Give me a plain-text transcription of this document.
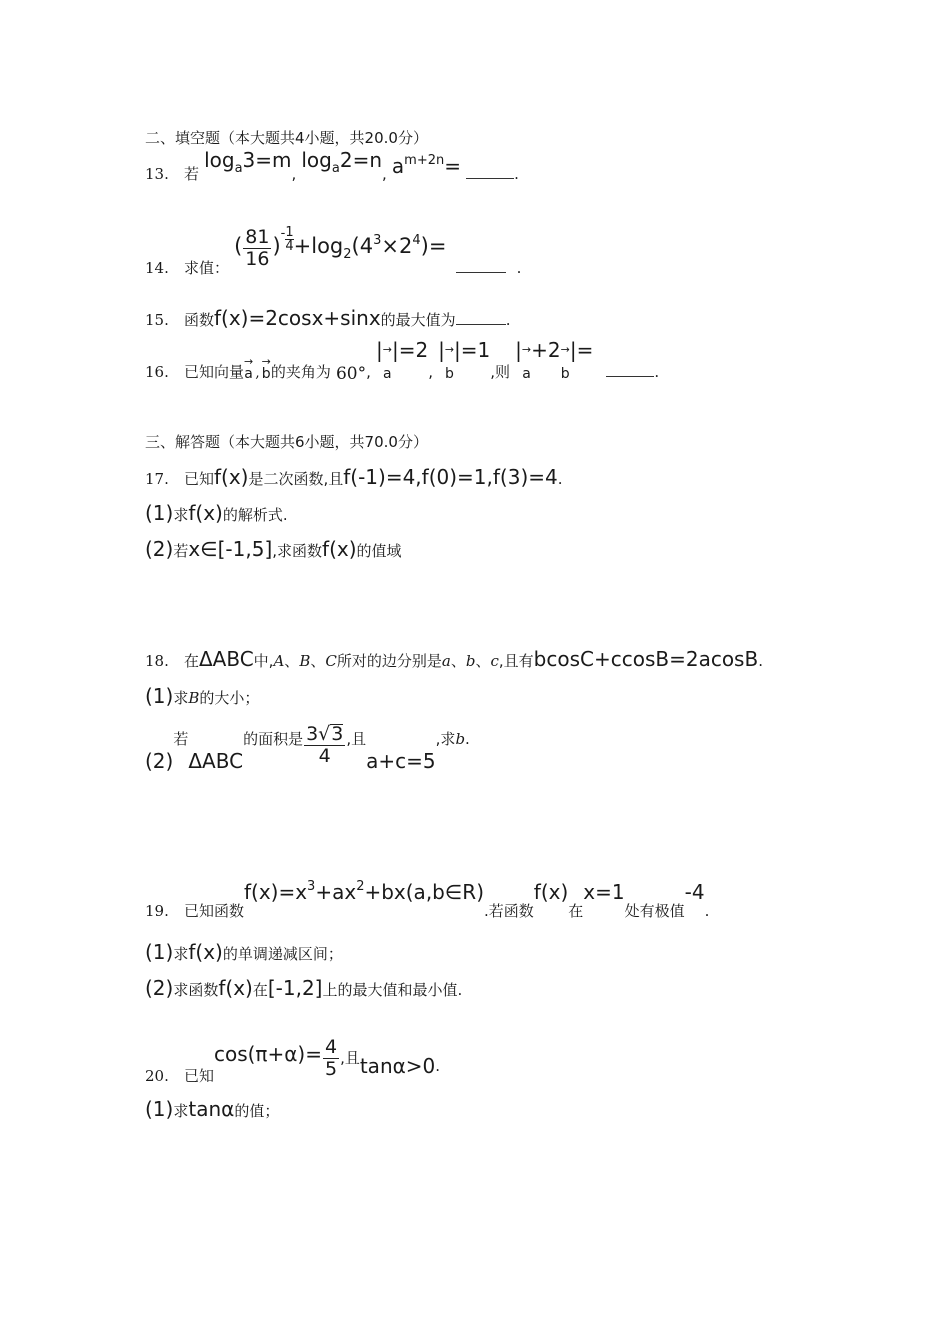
二、填空题（本大题共4小题，共20.0分）
13. 若 $\log_a3=m$, $\log_a2=n$, $a^{m+2n}=$	.
14. 求值： ( $\frac{81}{16}$ )
- 1
$4 +\log_2(4^3\times 2^4)=$  .
15. 函数f(x)=2cosx+sinx的最大值为	.
16. 已知向量
→
a ,
→
b 的夹角为 60°, | →
a
|=2, | →
b
|=1,则 | →
a
+2 →
b
|= .
三、解答题（本大题共6小题，共70.0分）
17. 已知f(x)是二次函数,且f(-1)=4,f(0)=1,f(3)=4.
(1)求f(x)的解析式.
(2)若x∈[-1,5],求函数f(x)的值域
18. 在ΔABC中,A、B、C所对的边分别是a、b、c,且有bcosC+ccosB=2acosB.
(1)求B的大小；
(2)若ΔABC的面积是 $\frac{3√3}{4}$ ,且a+c=5,求b.
19. 已知函数$f(x)=x^3+ax^2+bx(a,b\in R)$.若函数f(x)在x=1处有极值-4.
(1)求f(x)的单调递减区间；
(2)求函数f(x)在[-1,2]上的最大值和最小值.
20. 已知$\cos(\pi+\alpha)= \frac{4}{5}$ ,且tanα>0.
(1)求tanα的值；
